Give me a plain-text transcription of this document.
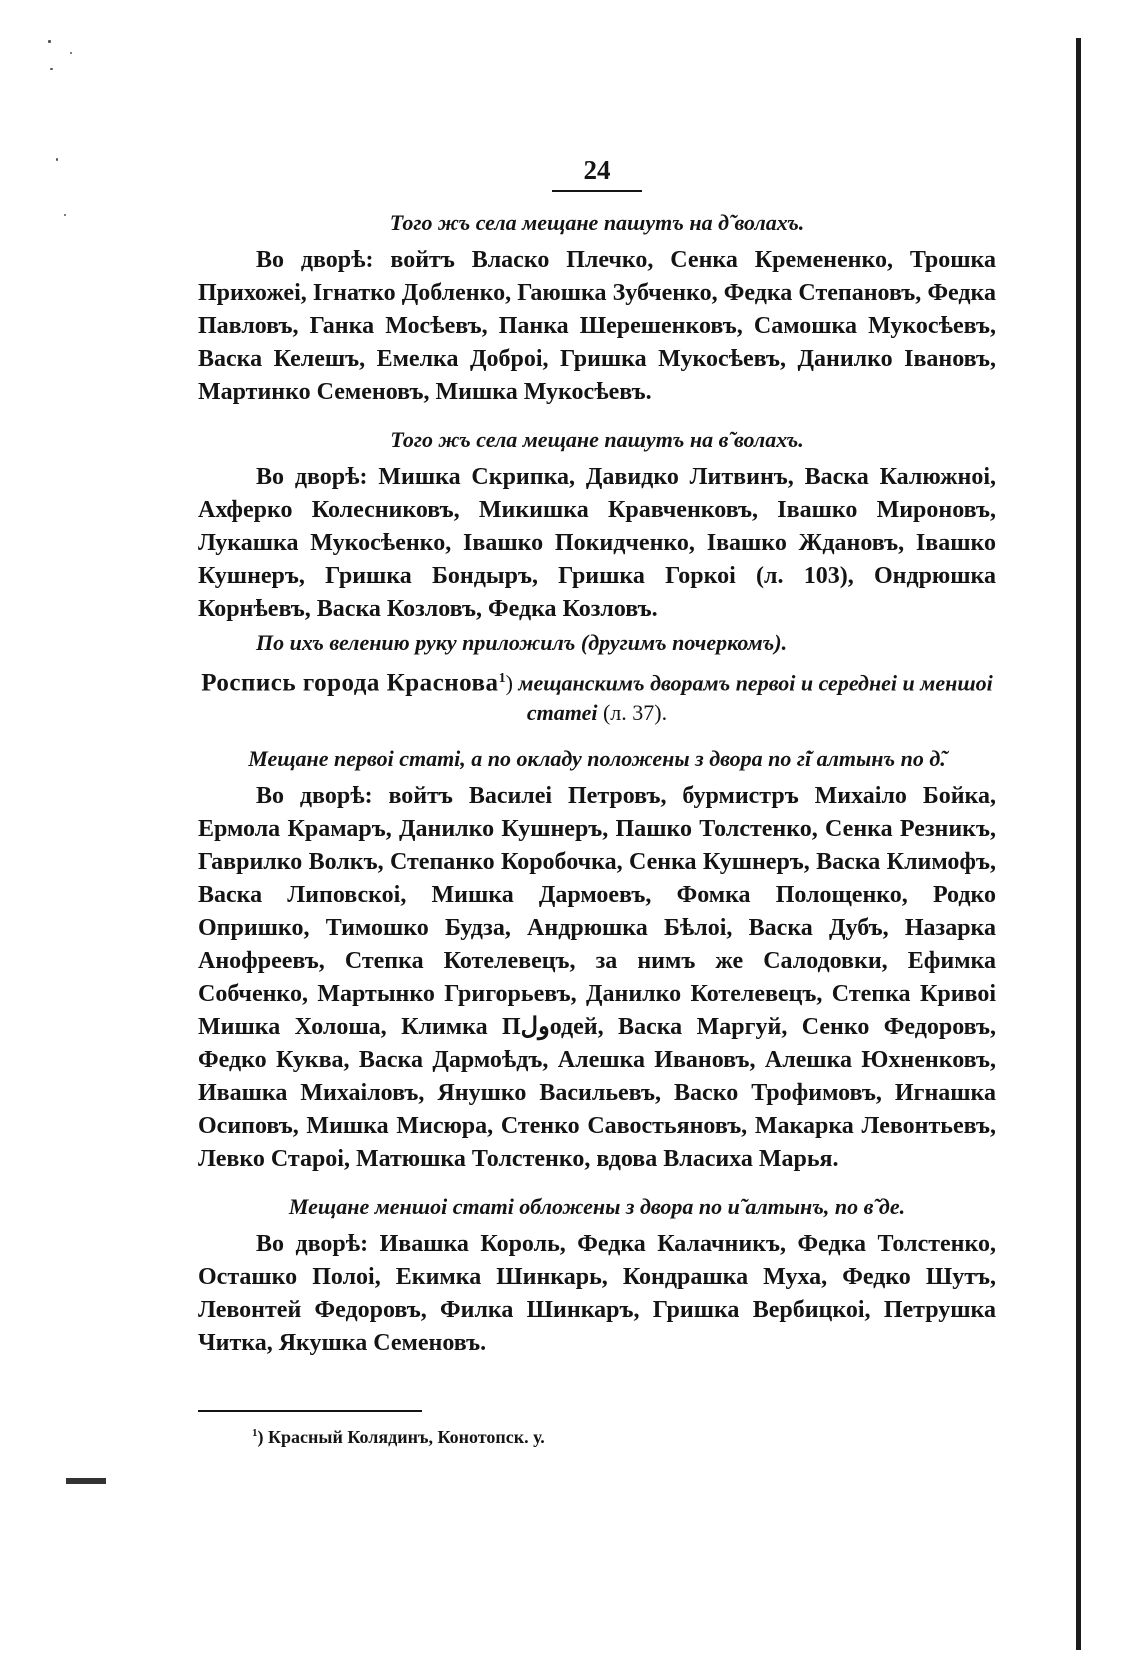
24
Того жъ села мещане пашутъ на д̃ волахъ.

Во дворѣ: войтъ Власко Плечко, Сенка Кремененко, Трошка Прихожеі, Ігнатко Добленко, Гаюшка Зубченко, Федка Степановъ, Федка Павловъ, Ганка Мосѣевъ, Панка Шерешенковъ, Самошка Мукосѣевъ, Васка Келешъ, Емелка Доброі, Гришка Мукосѣевъ, Данилко Івановъ, Мартинко Семеновъ, Мишка Мукосѣевъ.

Того жъ села мещане пашутъ на в̃ волахъ.

Во дворѣ: Мишка Скрипка, Давидко Литвинъ, Васка Калюжноі, Ахферко Колесниковъ, Микишка Кравченковъ, Івашко Мироновъ, Лукашка Мукосѣенко, Івашко Покидченко, Івашко Ждановъ, Івашко Кушнеръ, Гришка Бондыръ, Гришка Горкоі (л. 103), Ондрюшка Корнѣевъ, Васка Козловъ, Федка Козловъ.

По ихъ велению руку приложилъ (другимъ почеркомъ).
Роспись города Краснова$^1$) мещанскимъ дворамъ первоі и середнеі и меншоі статеі (л. 37).
Мещане первоі статі, а по окладу положены з двора по г̃і алтынъ по д̃.

Во дворѣ: войтъ Василеі Петровъ, бурмистръ Михаіло Бойка, Ермола Крамаръ, Данилко Кушнеръ, Пашко Толстенко, Сенка Резникъ, Гаврилко Волкъ, Степанко Коробочка, Сенка Кушнеръ, Васка Климофъ, Васка Липовскоі, Мишка Дармоевъ, Фомка Полощенко, Родко Опришко, Тимошко Будза, Андрюшка Бѣлоі, Васка Дубъ, Назарка Анофреевъ, Степка Котелевецъ, за нимъ же Салодовки, Ефимка Собченко, Мартынко Григорьевъ, Данилко Котелевецъ, Степка Кривоі Мишка Холоша, Климка Пولодей, Васка Маргуй, Сенко Федоровъ, Федко Куква, Васка Дармоѣдъ, Алешка Ивановъ, Алешка Юхненковъ, Ивашка Михаіловъ, Янушко Васильевъ, Васко Трофимовъ, Игнашка Осиповъ, Мишка Мисюра, Стенко Савостьяновъ, Макарка Левонтьевъ, Левко Староі, Матюшка Толстенко, вдова Власиха Марья.

Мещане меншоі статі обложены з двора по и̃ алтынъ, по в̃ де.

Во дворѣ: Ивашка Король, Федка Калачникъ, Федка Толстенко, Осташко Полоі, Екимка Шинкарь, Кондрашка Муха, Федко Шутъ, Левонтей Федоровъ, Филка Шинкаръ, Гришка Вербицкоі, Петрушка Читка, Якушка Семеновъ.

$^1$) Красный Колядинъ, Конотопск. у.
